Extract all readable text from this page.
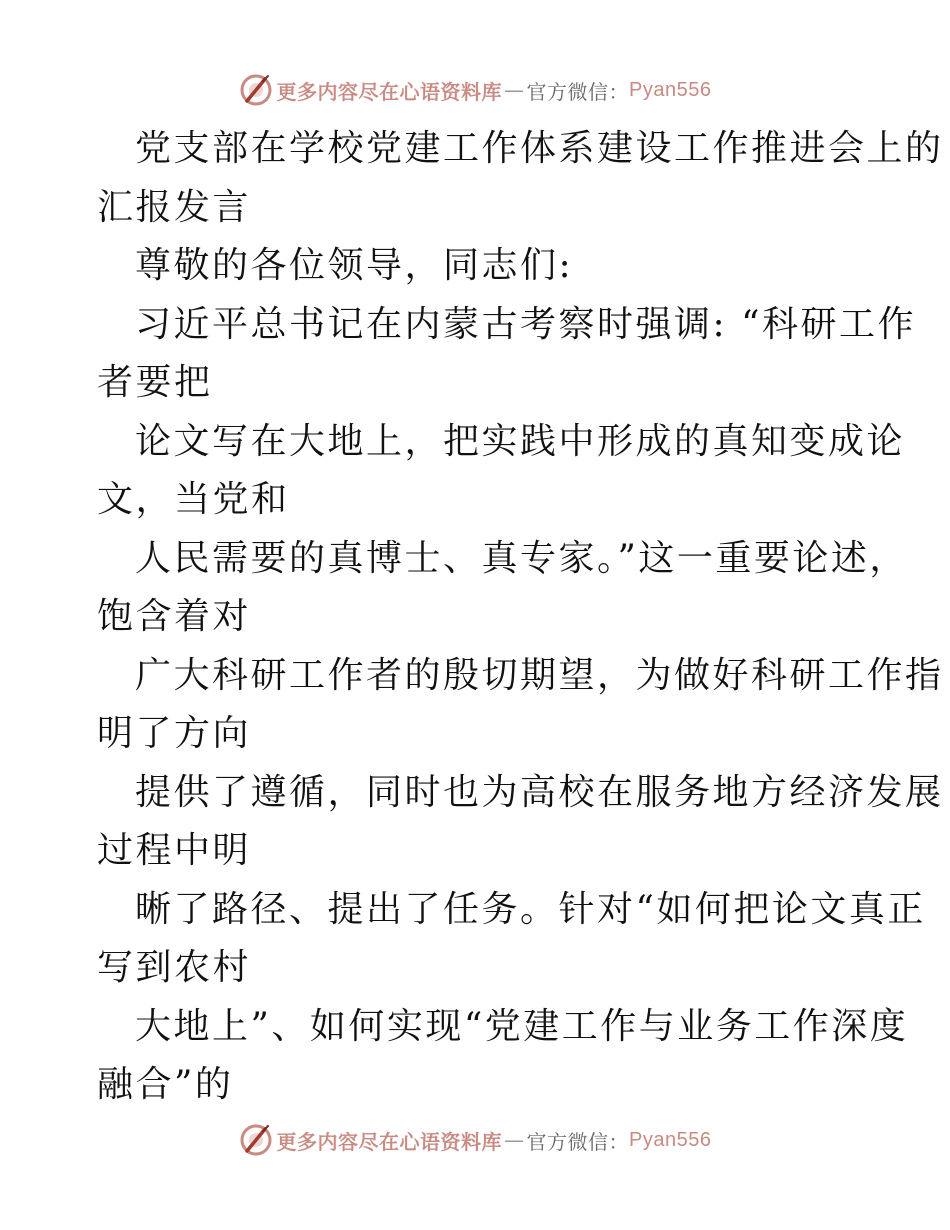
更多内容尽在心语资料库 — 官方微信： Pyan556
党支部在学校党建工作体系建设工作推进会上的
汇报发言
尊敬的各位领导，同志们:
习近平总书记在内蒙古考察时强调: “科研工作
者要把
论文写在大地上，把实践中形成的真知变成论
文，当党和
人民需要的真博士、真专家。”这一重要论述，
饱含着对
广大科研工作者的殷切期望，为做好科研工作指
明了方向
提供了遵循，同时也为高校在服务地方经济发展
过程中明
晰了路径、提出了任务。针对“如何把论文真正
写到农村
大地上”、如何实现“党建工作与业务工作深度
融合”的
更多内容尽在心语资料库 — 官方微信： Pyan556
